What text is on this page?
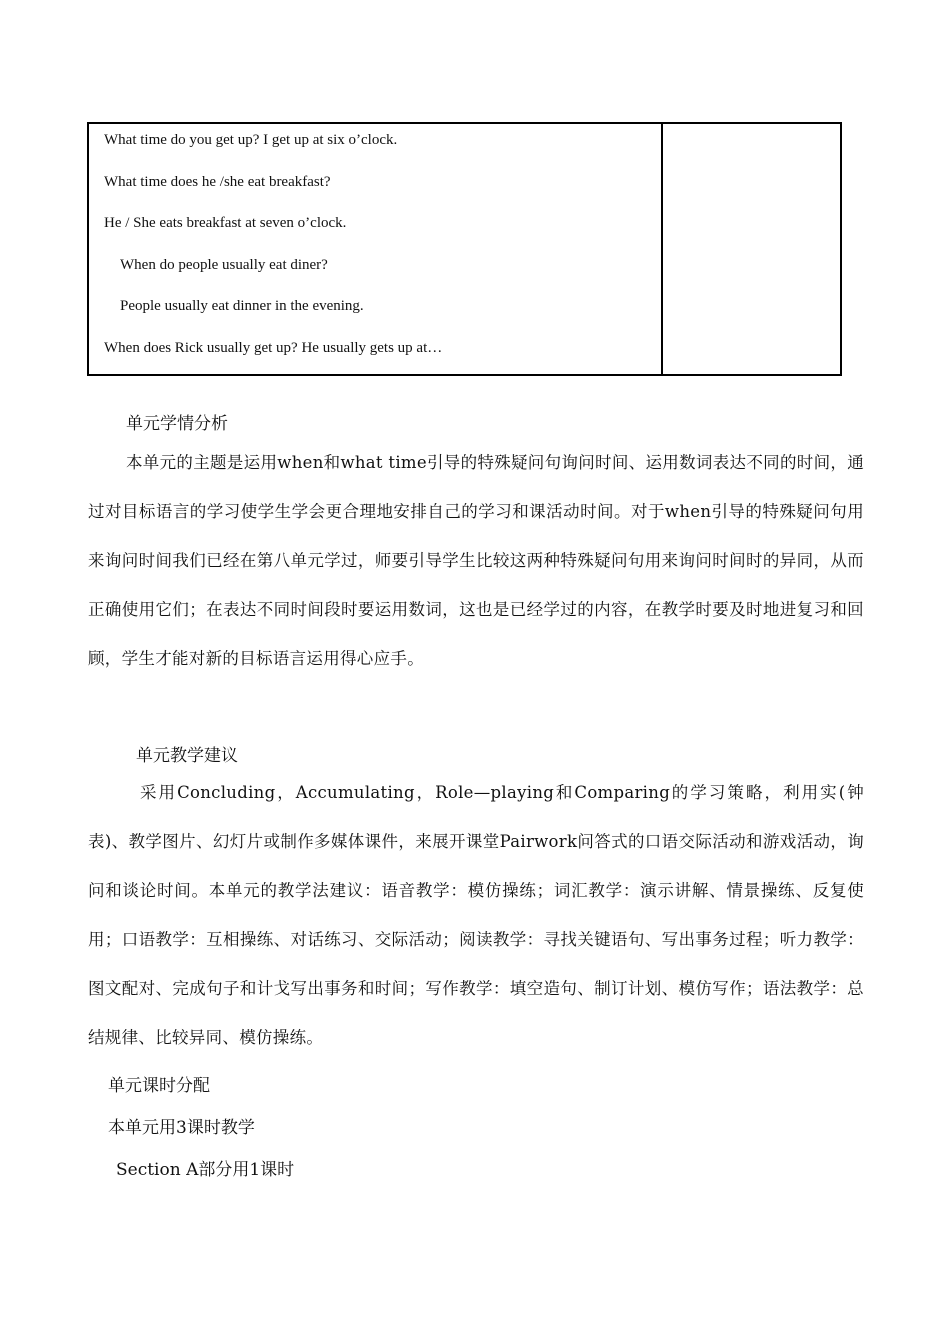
What time do you get up? I get up at six o’clock.
What time does he /she eat breakfast?
He / She eats breakfast at seven o’clock.
When do people usually eat diner?
People usually eat dinner in the evening.
When does Rick usually get up? He usually gets up at…
单元学情分析
本单元的主题是运用when和what time引导的特殊疑问句询问时间、运用数词表达不同的时间，通过对目标语言的学习使学生学会更合理地安排自己的学习和课活动时间。对于when引导的特殊疑问句用来询问时间我们已经在第八单元学过，师要引导学生比较这两种特殊疑问句用来询问时间时的异同，从而正确使用它们；在表达不同时间段时要运用数词，这也是已经学过的内容，在教学时要及时地进复习和回顾，学生才能对新的目标语言运用得心应手。
单元教学建议
采用Concluding，Accumulating，Role—playing和Comparing的学习策略，利用实(钟表)、教学图片、幻灯片或制作多媒体课件，来展开课堂Pairwork问答式的口语交际活动和游戏活动，询问和谈论时间。本单元的教学法建议：语音教学：模仿操练；词汇教学：演示讲解、情景操练、反复使用；口语教学：互相操练、对话练习、交际活动；阅读教学：寻找关键语句、写出事务过程；听力教学：图文配对、完成句子和计戈写出事务和时间；写作教学：填空造句、制订计划、模仿写作；语法教学：总结规律、比较异同、模仿操练。
单元课时分配
本单元用3课时教学
Section A部分用1课时
